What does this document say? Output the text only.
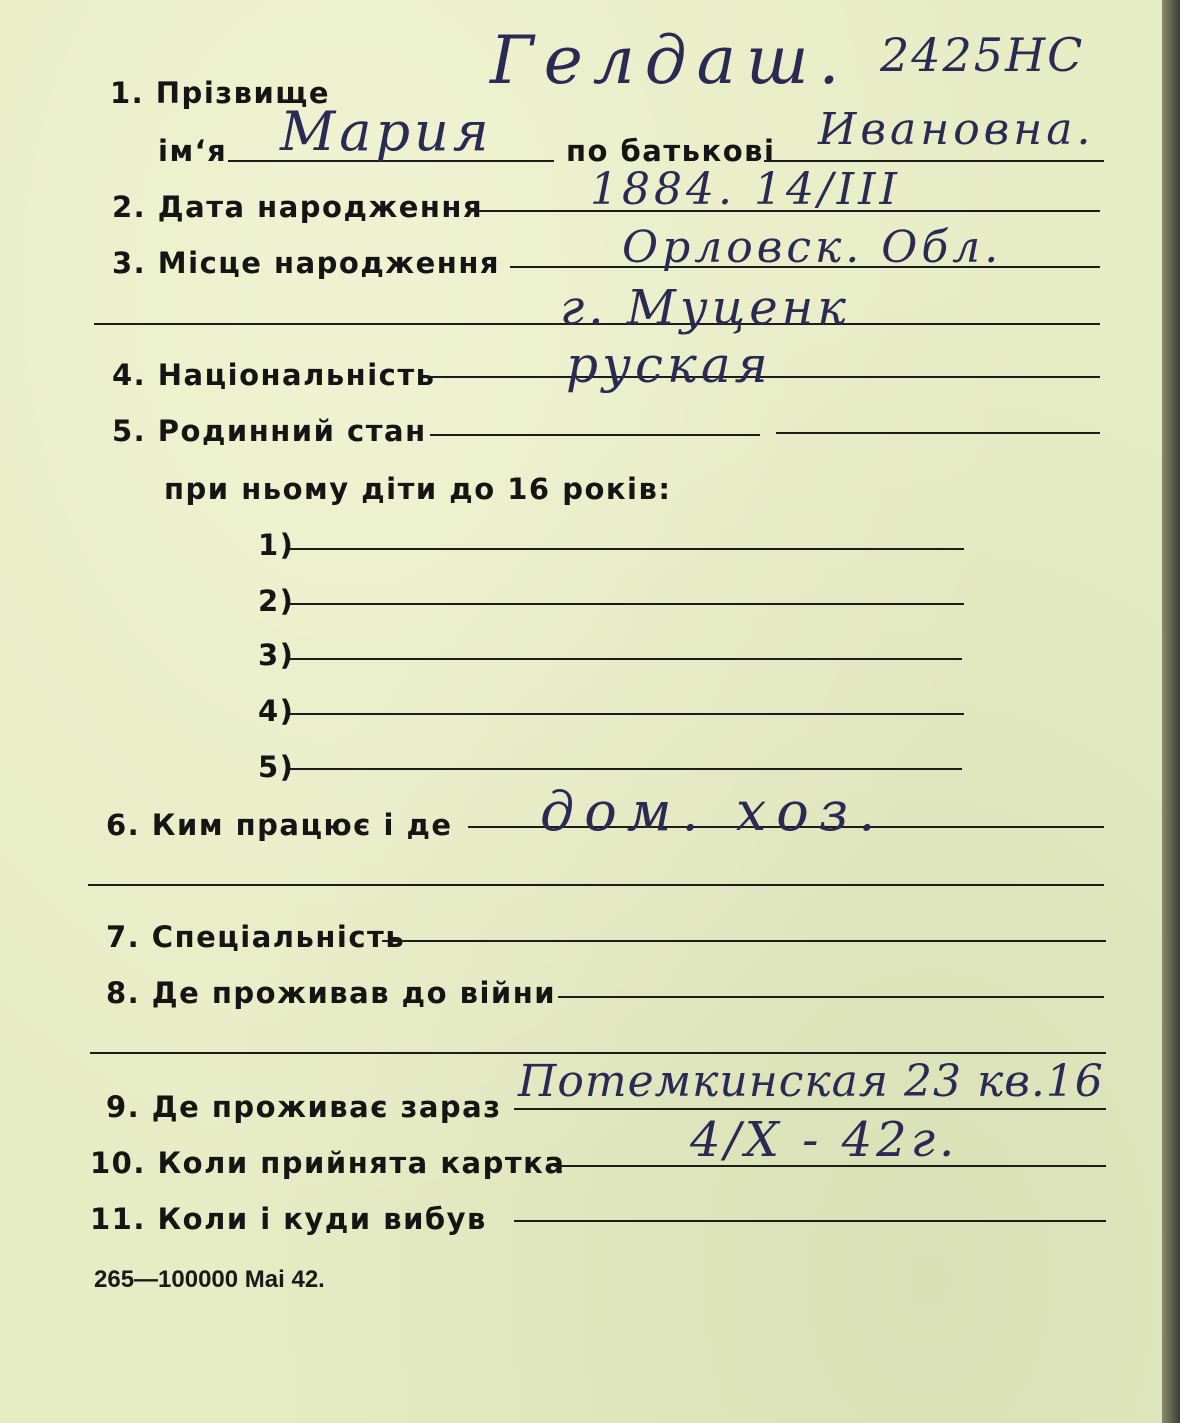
2425НС
1. Прізвище Гелдаш.
ім‘я Мария	по батькові Ивановна.
2. Дата народження 1884. 14/III
3. Місце народження	Орловск. Обл.
г. Муценк
4. Національність	руская
5. Родинний стан
при ньому діти до 16 років:
1)
2)
3)
4)
5)
6. Ким працює і де дом. хоз.
7. Спеціальність
8. Де проживав до війни
9. Де проживає зараз Потемкинская 23 кв.16
10. Коли прийнята картка	4/Х - 42г.
11. Коли і куди вибув
265—100000 Mai 42.
